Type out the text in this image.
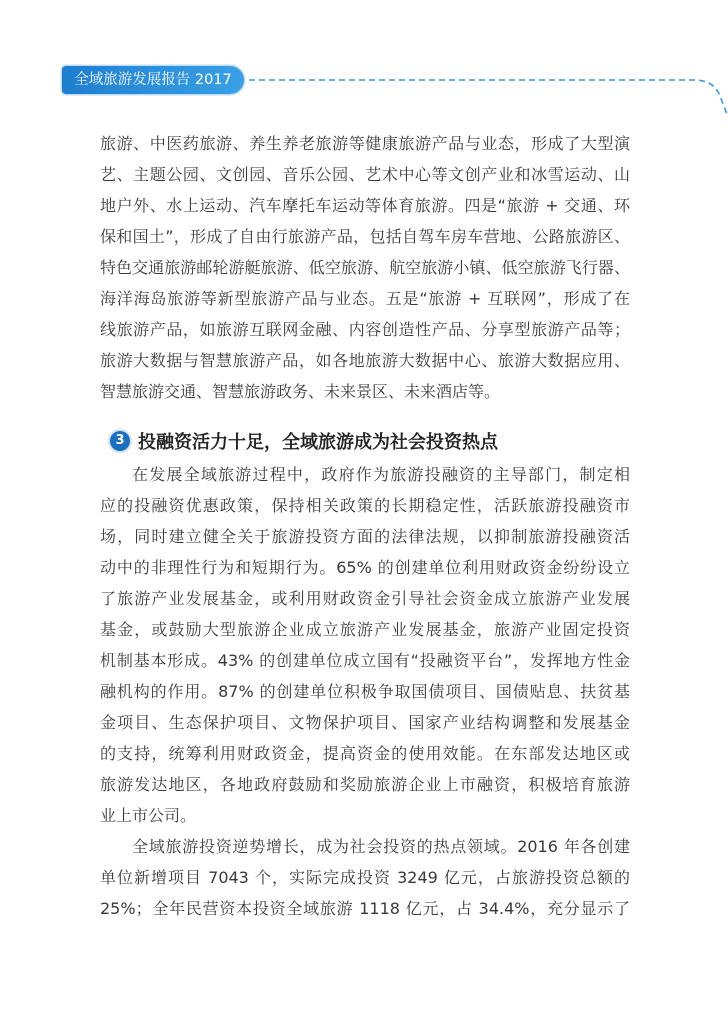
全域旅游发展报告 2017
旅游、中医药旅游、养生养老旅游等健康旅游产品与业态，形成了大型演
艺、主题公园、文创园、音乐公园、艺术中心等文创产业和冰雪运动、山
地户外、水上运动、汽车摩托车运动等体育旅游。四是“旅游 + 交通、环
保和国土”，形成了自由行旅游产品，包括自驾车房车营地、公路旅游区、
特色交通旅游邮轮游艇旅游、低空旅游、航空旅游小镇、低空旅游飞行器、
海洋海岛旅游等新型旅游产品与业态。五是“旅游 + 互联网”，形成了在
线旅游产品，如旅游互联网金融、内容创造性产品、分享型旅游产品等；
旅游大数据与智慧旅游产品，如各地旅游大数据中心、旅游大数据应用、
智慧旅游交通、智慧旅游政务、未来景区、未来酒店等。
3 投融资活力十足，全域旅游成为社会投资热点
在发展全域旅游过程中，政府作为旅游投融资的主导部门，制定相
应的投融资优惠政策，保持相关政策的长期稳定性，活跃旅游投融资市
场，同时建立健全关于旅游投资方面的法律法规，以抑制旅游投融资活
动中的非理性行为和短期行为。65% 的创建单位利用财政资金纷纷设立
了旅游产业发展基金，或利用财政资金引导社会资金成立旅游产业发展
基金，或鼓励大型旅游企业成立旅游产业发展基金，旅游产业固定投资
机制基本形成。43% 的创建单位成立国有“投融资平台”，发挥地方性金
融机构的作用。87% 的创建单位积极争取国债项目、国债贴息、扶贫基
金项目、生态保护项目、文物保护项目、国家产业结构调整和发展基金
的支持，统筹利用财政资金，提高资金的使用效能。在东部发达地区或
旅游发达地区，各地政府鼓励和奖励旅游企业上市融资，积极培育旅游
业上市公司。
全域旅游投资逆势增长，成为社会投资的热点领域。2016 年各创建
单位新增项目 7043 个，实际完成投资 3249 亿元，占旅游投资总额的
25%；全年民营资本投资全域旅游 1118 亿元，占 34.4%，充分显示了
